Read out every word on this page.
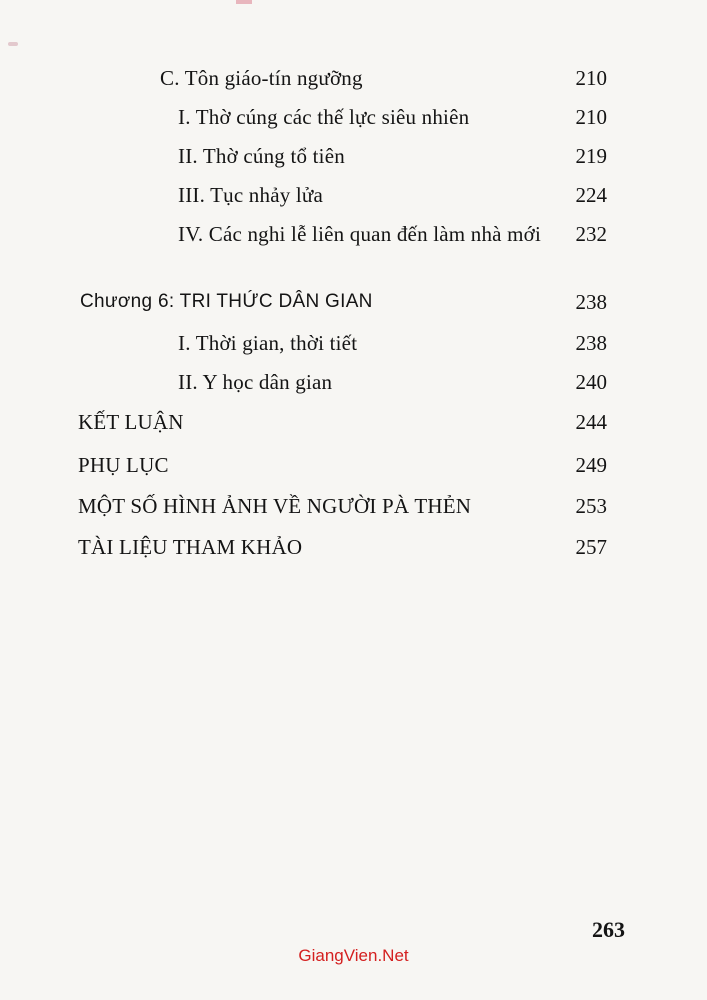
C. Tôn giáo-tín ngưỡng	210
I. Thờ cúng các thế lực siêu nhiên	210
II. Thờ cúng tổ tiên	219
III. Tục nhảy lửa	224
IV. Các nghi lễ liên quan đến làm nhà mới	232
Chương 6: TRI THỨC DÂN GIAN	238
I. Thời gian, thời tiết	238
II. Y học dân gian	240
KẾT LUẬN	244
PHỤ LỤC	249
MỘT SỐ HÌNH ẢNH VỀ NGƯỜI PÀ THẺN	253
TÀI LIỆU THAM KHẢO	257
263
GiangVien.Net
